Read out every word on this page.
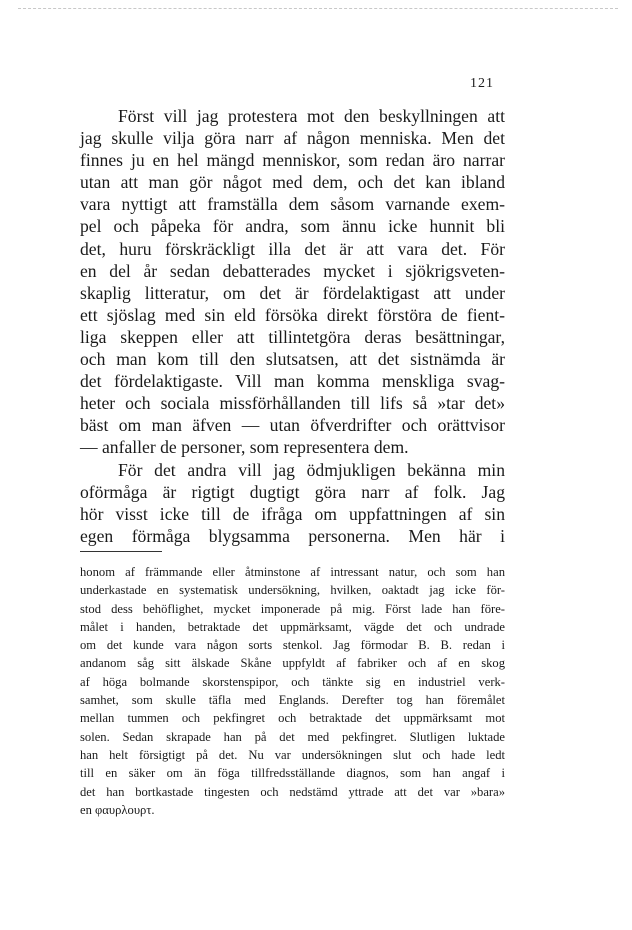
121
Först vill jag protestera mot den beskyllningen att
jag skulle vilja göra narr af någon menniska. Men det
finnes ju en hel mängd menniskor, som redan äro narrar
utan att man gör något med dem, och det kan ibland
vara nyttigt att framställa dem såsom varnande exem-
pel och påpeka för andra, som ännu icke hunnit bli
det, huru förskräckligt illa det är att vara det. För
en del år sedan debatterades mycket i sjökrigsveten-
skaplig litteratur, om det är fördelaktigast att under
ett sjöslag med sin eld försöka direkt förstöra de fient-
liga skeppen eller att tillintetgöra deras besättningar,
och man kom till den slutsatsen, att det sistnämda är
det fördelaktigaste. Vill man komma menskliga svag-
heter och sociala missförhållanden till lifs så »tar det»
bäst om man äfven — utan öfverdrifter och orättvisor
— anfaller de personer, som representera dem.
För det andra vill jag ödmjukligen bekänna min
oförmåga är rigtigt dugtigt göra narr af folk. Jag
hör visst icke till de ifråga om uppfattningen af sin
egen förmåga blygsamma personerna. Men här i
honom af främmande eller åtminstone af intressant natur, och som han
underkastade en systematisk undersökning, hvilken, oaktadt jag icke för-
stod dess behöflighet, mycket imponerade på mig. Först lade han före-
målet i handen, betraktade det uppmärksamt, vägde det och undrade
om det kunde vara någon sorts stenkol. Jag förmodar B. B. redan i
andanom såg sitt älskade Skåne uppfyldt af fabriker och af en skog
af höga bolmande skorstenspipor, och tänkte sig en industriel verk-
samhet, som skulle täfla med Englands. Derefter tog han föremålet
mellan tummen och pekfingret och betraktade det uppmärksamt mot
solen. Sedan skrapade han på det med pekfingret. Slutligen luktade
han helt försigtigt på det. Nu var undersökningen slut och hade ledt
till en säker om än föga tillfredsställande diagnos, som han angaf i
det han bortkastade tingesten och nedstämd yttrade att det var »bara»
en φαυρλουρτ.
